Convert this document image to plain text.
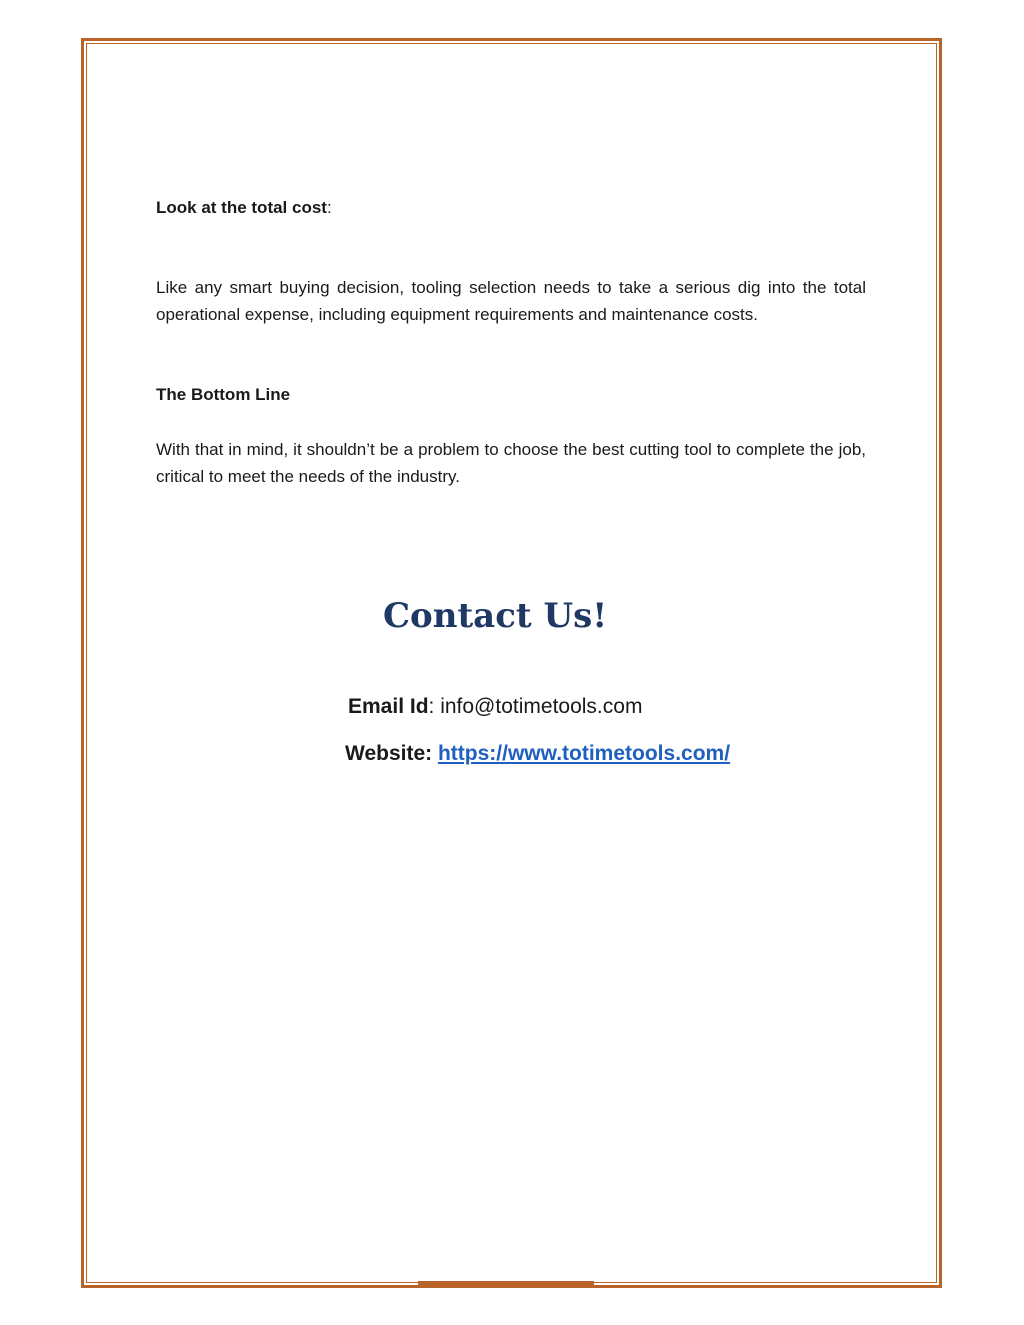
Look at the total cost:

Like any smart buying decision, tooling selection needs to take a serious dig into the total operational expense, including equipment requirements and maintenance costs.

The Bottom Line

With that in mind, it shouldn’t be a problem to choose the best cutting tool to complete the job, critical to meet the needs of the industry.

Contact Us!

Email Id: info@totimetools.com

Website: https://www.totimetools.com/
